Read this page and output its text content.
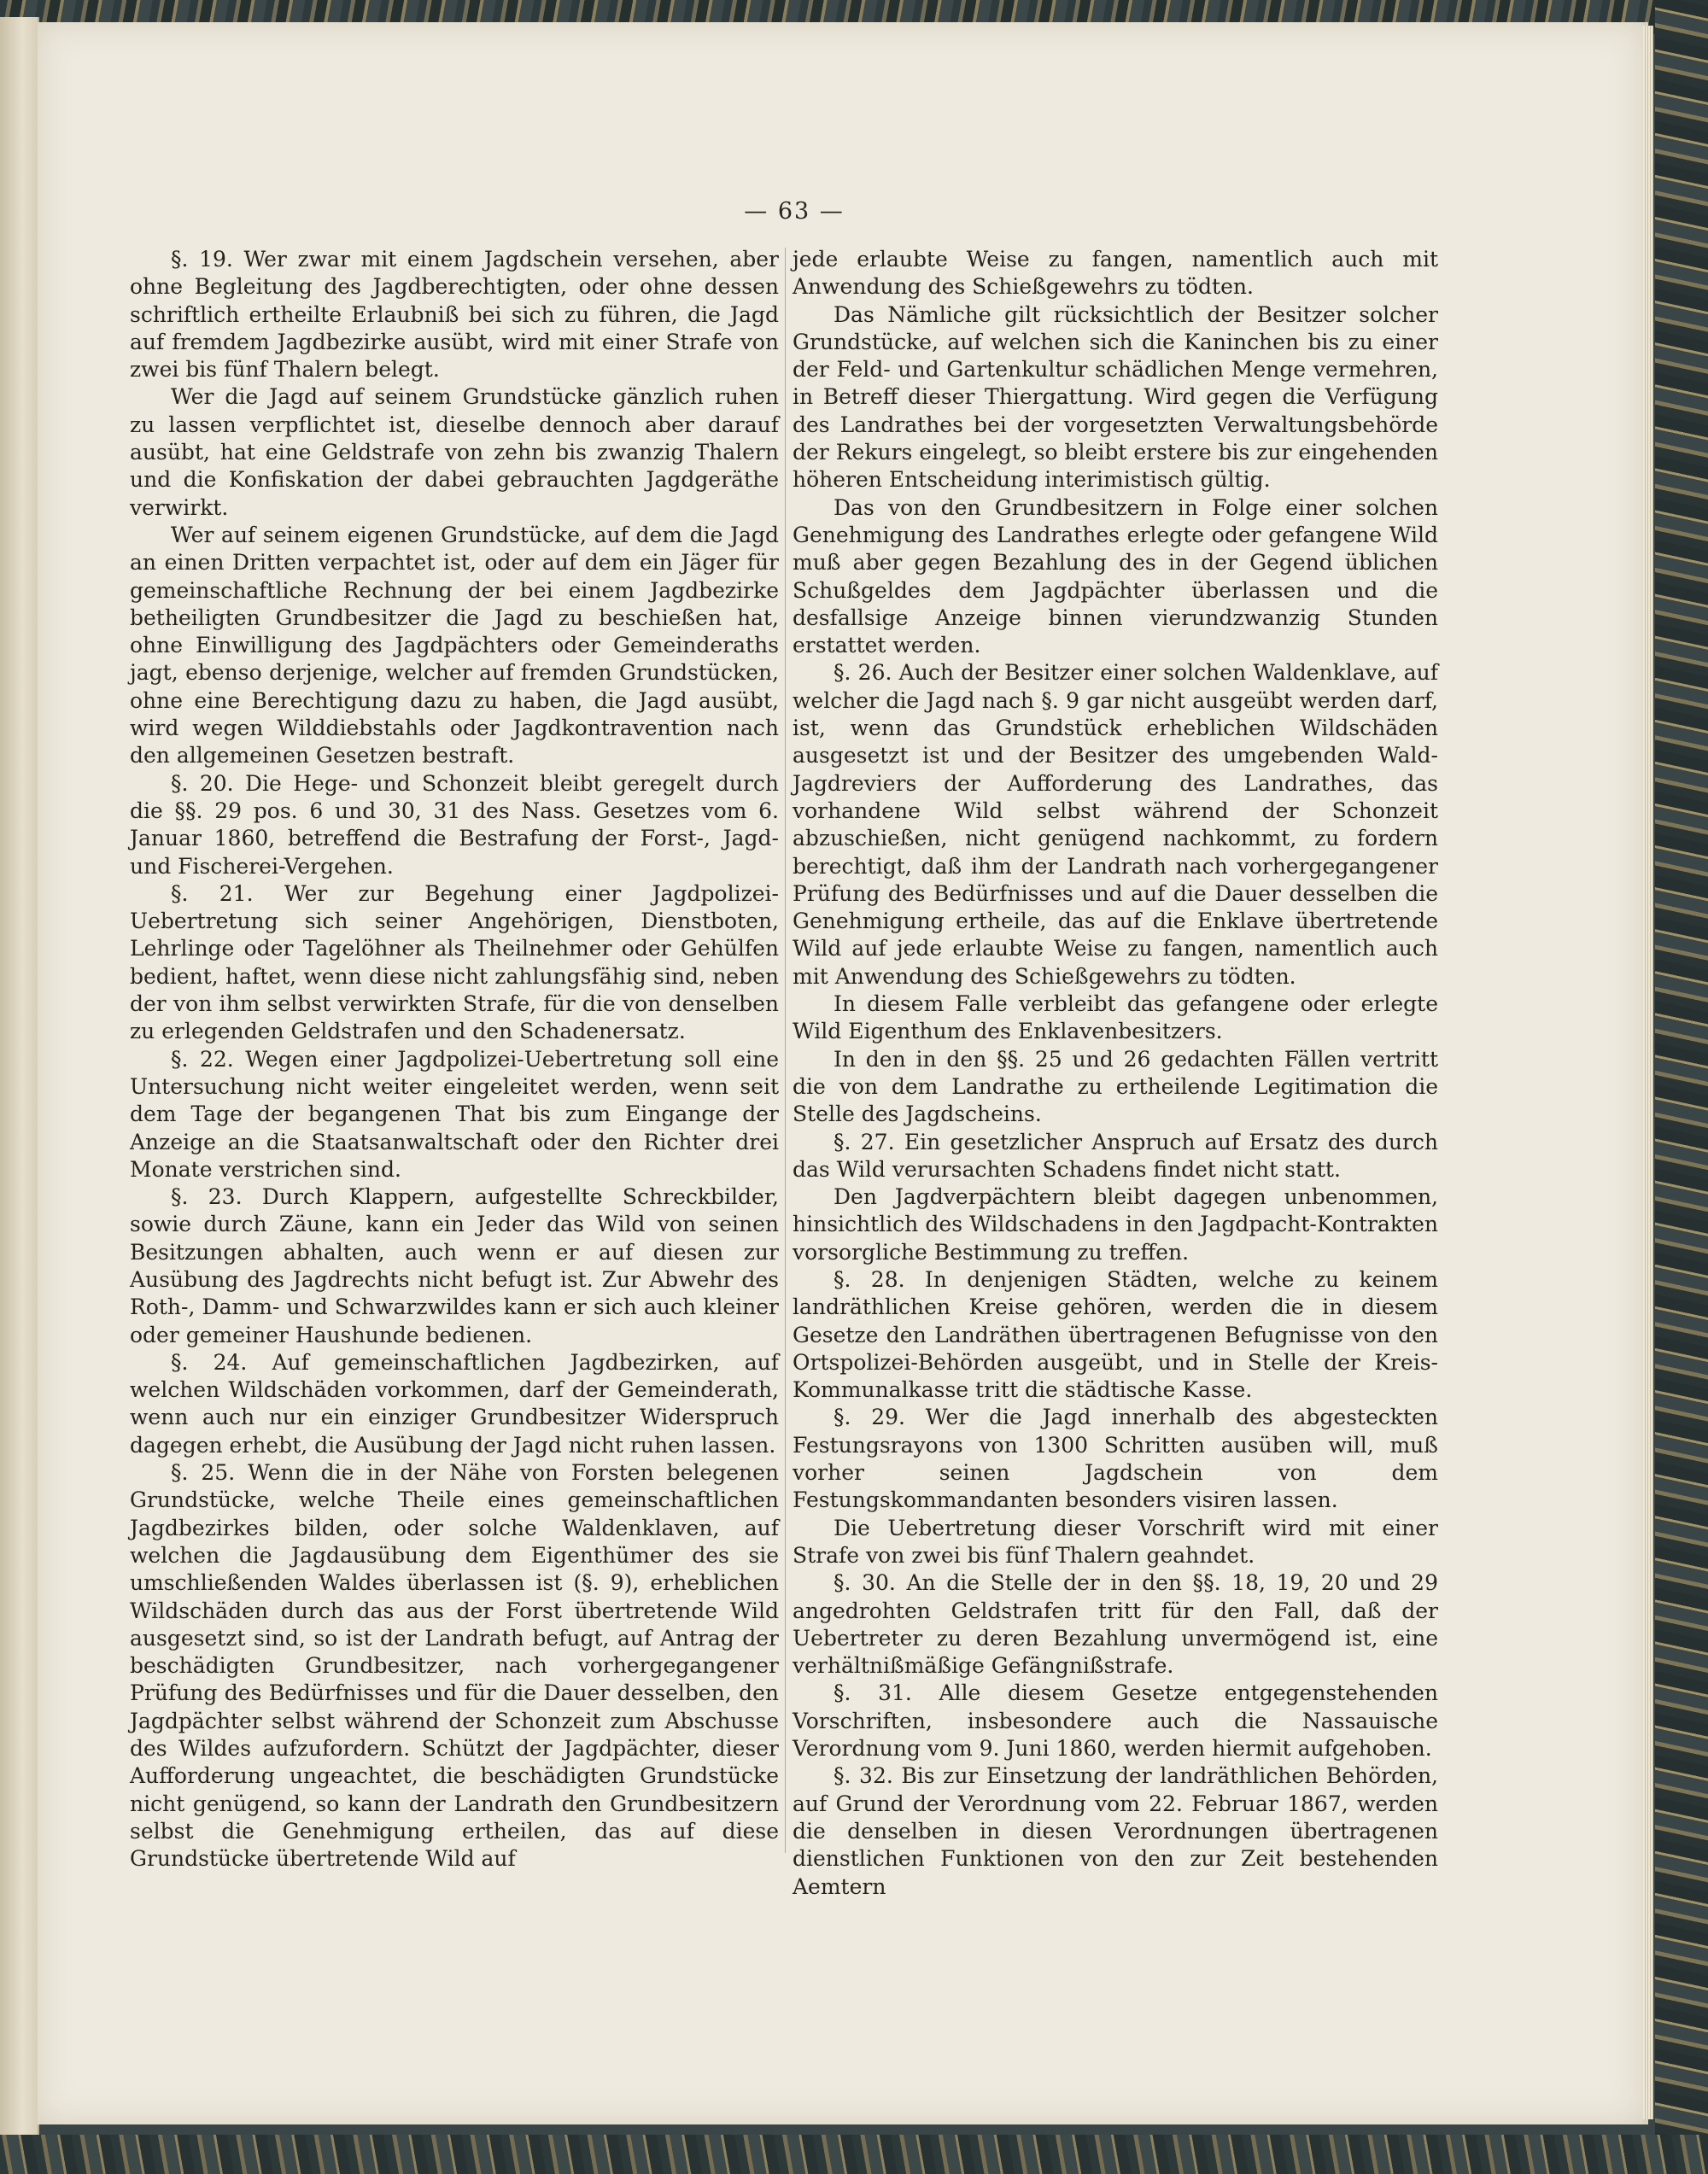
— 63 —

§. 19. Wer zwar mit einem Jagdschein versehen, aber ohne Begleitung des Jagdberechtigten, oder ohne dessen schriftlich ertheilte Erlaubniß bei sich zu führen, die Jagd auf fremdem Jagdbezirke ausübt, wird mit einer Strafe von zwei bis fünf Thalern belegt.

Wer die Jagd auf seinem Grundstücke gänzlich ruhen zu lassen verpflichtet ist, dieselbe dennoch aber darauf ausübt, hat eine Geldstrafe von zehn bis zwanzig Thalern und die Konfiskation der dabei gebrauchten Jagdgeräthe verwirkt.

Wer auf seinem eigenen Grundstücke, auf dem die Jagd an einen Dritten verpachtet ist, oder auf dem ein Jäger für gemeinschaftliche Rechnung der bei einem Jagdbezirke betheiligten Grundbesitzer die Jagd zu beschießen hat, ohne Einwilligung des Jagdpächters oder Gemeinderaths jagt, ebenso derjenige, welcher auf fremden Grundstücken, ohne eine Berechtigung dazu zu haben, die Jagd ausübt, wird wegen Wilddiebstahls oder Jagdkontravention nach den allgemeinen Gesetzen bestraft.

§. 20. Die Hege- und Schonzeit bleibt geregelt durch die §§. 29 pos. 6 und 30, 31 des Nass. Gesetzes vom 6. Januar 1860, betreffend die Bestrafung der Forst-, Jagd- und Fischerei-Vergehen.

§. 21. Wer zur Begehung einer Jagdpolizei-Uebertretung sich seiner Angehörigen, Dienstboten, Lehrlinge oder Tagelöhner als Theilnehmer oder Gehülfen bedient, haftet, wenn diese nicht zahlungsfähig sind, neben der von ihm selbst verwirkten Strafe, für die von denselben zu erlegenden Geldstrafen und den Schadenersatz.

§. 22. Wegen einer Jagdpolizei-Uebertretung soll eine Untersuchung nicht weiter eingeleitet werden, wenn seit dem Tage der begangenen That bis zum Eingange der Anzeige an die Staatsanwaltschaft oder den Richter drei Monate verstrichen sind.

§. 23. Durch Klappern, aufgestellte Schreckbilder, sowie durch Zäune, kann ein Jeder das Wild von seinen Besitzungen abhalten, auch wenn er auf diesen zur Ausübung des Jagdrechts nicht befugt ist. Zur Abwehr des Roth-, Damm- und Schwarzwildes kann er sich auch kleiner oder gemeiner Haushunde bedienen.

§. 24. Auf gemeinschaftlichen Jagdbezirken, auf welchen Wildschäden vorkommen, darf der Gemeinderath, wenn auch nur ein einziger Grundbesitzer Widerspruch dagegen erhebt, die Ausübung der Jagd nicht ruhen lassen.

§. 25. Wenn die in der Nähe von Forsten belegenen Grundstücke, welche Theile eines gemeinschaftlichen Jagdbezirkes bilden, oder solche Waldenklaven, auf welchen die Jagdausübung dem Eigenthümer des sie umschließenden Waldes überlassen ist (§. 9), erheblichen Wildschäden durch das aus der Forst übertretende Wild ausgesetzt sind, so ist der Landrath befugt, auf Antrag der beschädigten Grundbesitzer, nach vorhergegangener Prüfung des Bedürfnisses und für die Dauer desselben, den Jagdpächter selbst während der Schonzeit zum Abschusse des Wildes aufzufordern. Schützt der Jagdpächter, dieser Aufforderung ungeachtet, die beschädigten Grundstücke nicht genügend, so kann der Landrath den Grundbesitzern selbst die Genehmigung ertheilen, das auf diese Grundstücke übertretende Wild auf

jede erlaubte Weise zu fangen, namentlich auch mit Anwendung des Schießgewehrs zu tödten.

Das Nämliche gilt rücksichtlich der Besitzer solcher Grundstücke, auf welchen sich die Kaninchen bis zu einer der Feld- und Gartenkultur schädlichen Menge vermehren, in Betreff dieser Thiergattung. Wird gegen die Verfügung des Landrathes bei der vorgesetzten Verwaltungsbehörde der Rekurs eingelegt, so bleibt erstere bis zur eingehenden höheren Entscheidung interimistisch gültig.

Das von den Grundbesitzern in Folge einer solchen Genehmigung des Landrathes erlegte oder gefangene Wild muß aber gegen Bezahlung des in der Gegend üblichen Schußgeldes dem Jagdpächter überlassen und die desfallsige Anzeige binnen vierundzwanzig Stunden erstattet werden.

§. 26. Auch der Besitzer einer solchen Waldenklave, auf welcher die Jagd nach §. 9 gar nicht ausgeübt werden darf, ist, wenn das Grundstück erheblichen Wildschäden ausgesetzt ist und der Besitzer des umgebenden Wald-Jagdreviers der Aufforderung des Landrathes, das vorhandene Wild selbst während der Schonzeit abzuschießen, nicht genügend nachkommt, zu fordern berechtigt, daß ihm der Landrath nach vorhergegangener Prüfung des Bedürfnisses und auf die Dauer desselben die Genehmigung ertheile, das auf die Enklave übertretende Wild auf jede erlaubte Weise zu fangen, namentlich auch mit Anwendung des Schießgewehrs zu tödten.

In diesem Falle verbleibt das gefangene oder erlegte Wild Eigenthum des Enklavenbesitzers.

In den in den §§. 25 und 26 gedachten Fällen vertritt die von dem Landrathe zu ertheilende Legitimation die Stelle des Jagdscheins.

§. 27. Ein gesetzlicher Anspruch auf Ersatz des durch das Wild verursachten Schadens findet nicht statt.

Den Jagdverpächtern bleibt dagegen unbenommen, hinsichtlich des Wildschadens in den Jagdpacht-Kontrakten vorsorgliche Bestimmung zu treffen.

§. 28. In denjenigen Städten, welche zu keinem landräthlichen Kreise gehören, werden die in diesem Gesetze den Landräthen übertragenen Befugnisse von den Ortspolizei-Behörden ausgeübt, und in Stelle der Kreis-Kommunalkasse tritt die städtische Kasse.

§. 29. Wer die Jagd innerhalb des abgesteckten Festungsrayons von 1300 Schritten ausüben will, muß vorher seinen Jagdschein von dem Festungskommandanten besonders visiren lassen.

Die Uebertretung dieser Vorschrift wird mit einer Strafe von zwei bis fünf Thalern geahndet.

§. 30. An die Stelle der in den §§. 18, 19, 20 und 29 angedrohten Geldstrafen tritt für den Fall, daß der Uebertreter zu deren Bezahlung unvermögend ist, eine verhältnißmäßige Gefängnißstrafe.

§. 31. Alle diesem Gesetze entgegenstehenden Vorschriften, insbesondere auch die Nassauische Verordnung vom 9. Juni 1860, werden hiermit aufgehoben.

§. 32. Bis zur Einsetzung der landräthlichen Behörden, auf Grund der Verordnung vom 22. Februar 1867, werden die denselben in diesen Verordnungen übertragenen dienstlichen Funktionen von den zur Zeit bestehenden Aemtern
